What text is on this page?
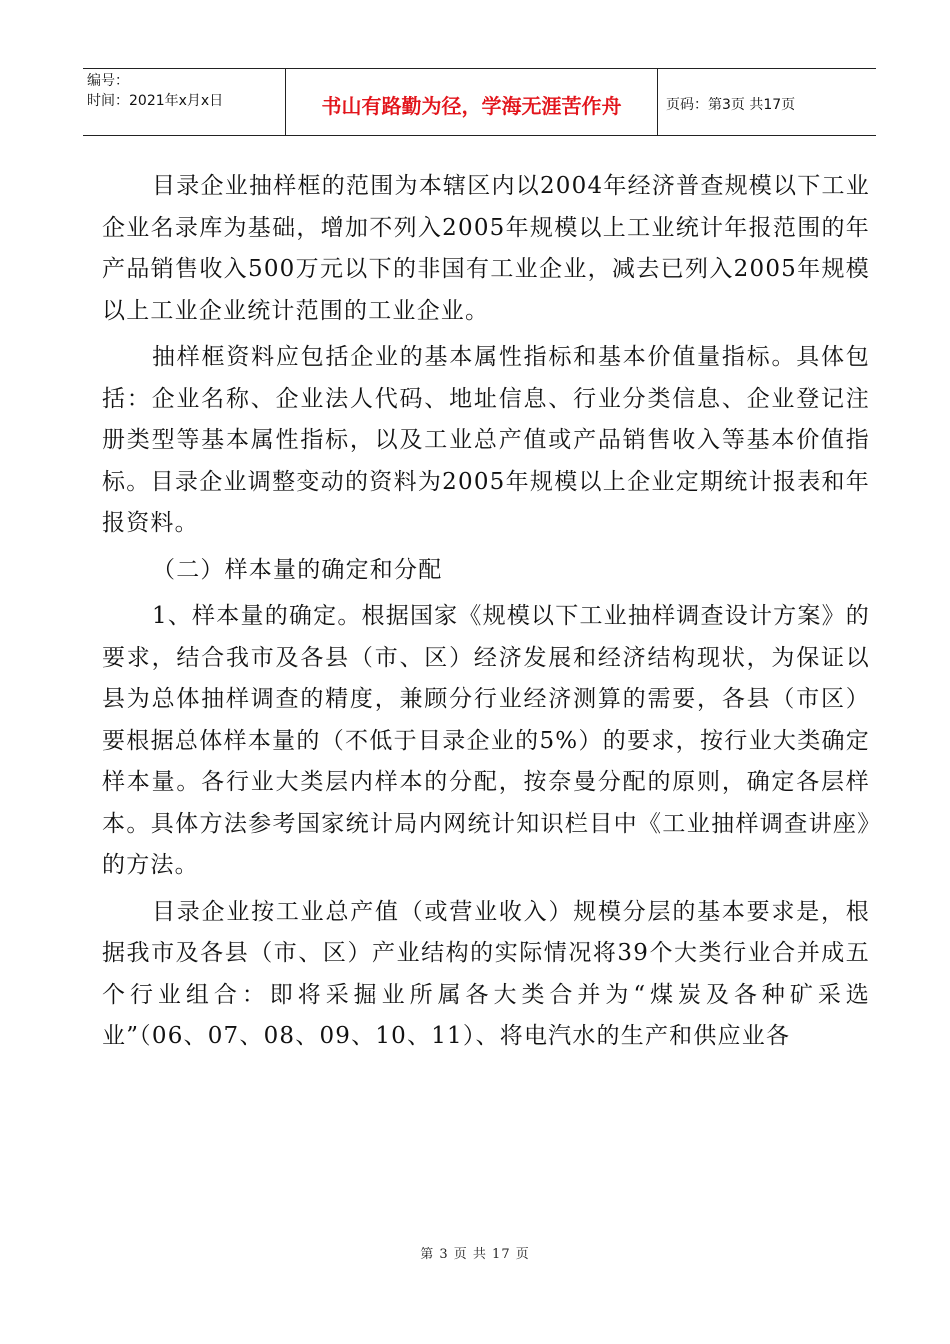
编号：
时间：2021年x月x日	书山有路勤为径，学海无涯苦作舟	页码：第3页 共17页

目录企业抽样框的范围为本辖区内以2004年经济普查规模以下工业企业名录库为基础，增加不列入2005年规模以上工业统计年报范围的年产品销售收入500万元以下的非国有工业企业，减去已列入2005年规模以上工业企业统计范围的工业企业。

抽样框资料应包括企业的基本属性指标和基本价值量指标。具体包括：企业名称、企业法人代码、地址信息、行业分类信息、企业登记注册类型等基本属性指标，以及工业总产值或产品销售收入等基本价值指标。目录企业调整变动的资料为2005年规模以上企业定期统计报表和年报资料。

（二）样本量的确定和分配

1、样本量的确定。根据国家《规模以下工业抽样调查设计方案》的要求，结合我市及各县（市、区）经济发展和经济结构现状，为保证以县为总体抽样调查的精度，兼顾分行业经济测算的需要，各县（市区）要根据总体样本量的（不低于目录企业的5%）的要求，按行业大类确定样本量。各行业大类层内样本的分配，按奈曼分配的原则，确定各层样本。具体方法参考国家统计局内网统计知识栏目中《工业抽样调查讲座》的方法。

目录企业按工业总产值（或营业收入）规模分层的基本要求是，根据我市及各县（市、区）产业结构的实际情况将39个大类行业合并成五个行业组合：即将采掘业所属各大类合并为“煤炭及各种矿采选业”（06、07、08、09、10、11）、将电汽水的生产和供应业各

第 3 页 共 17 页
